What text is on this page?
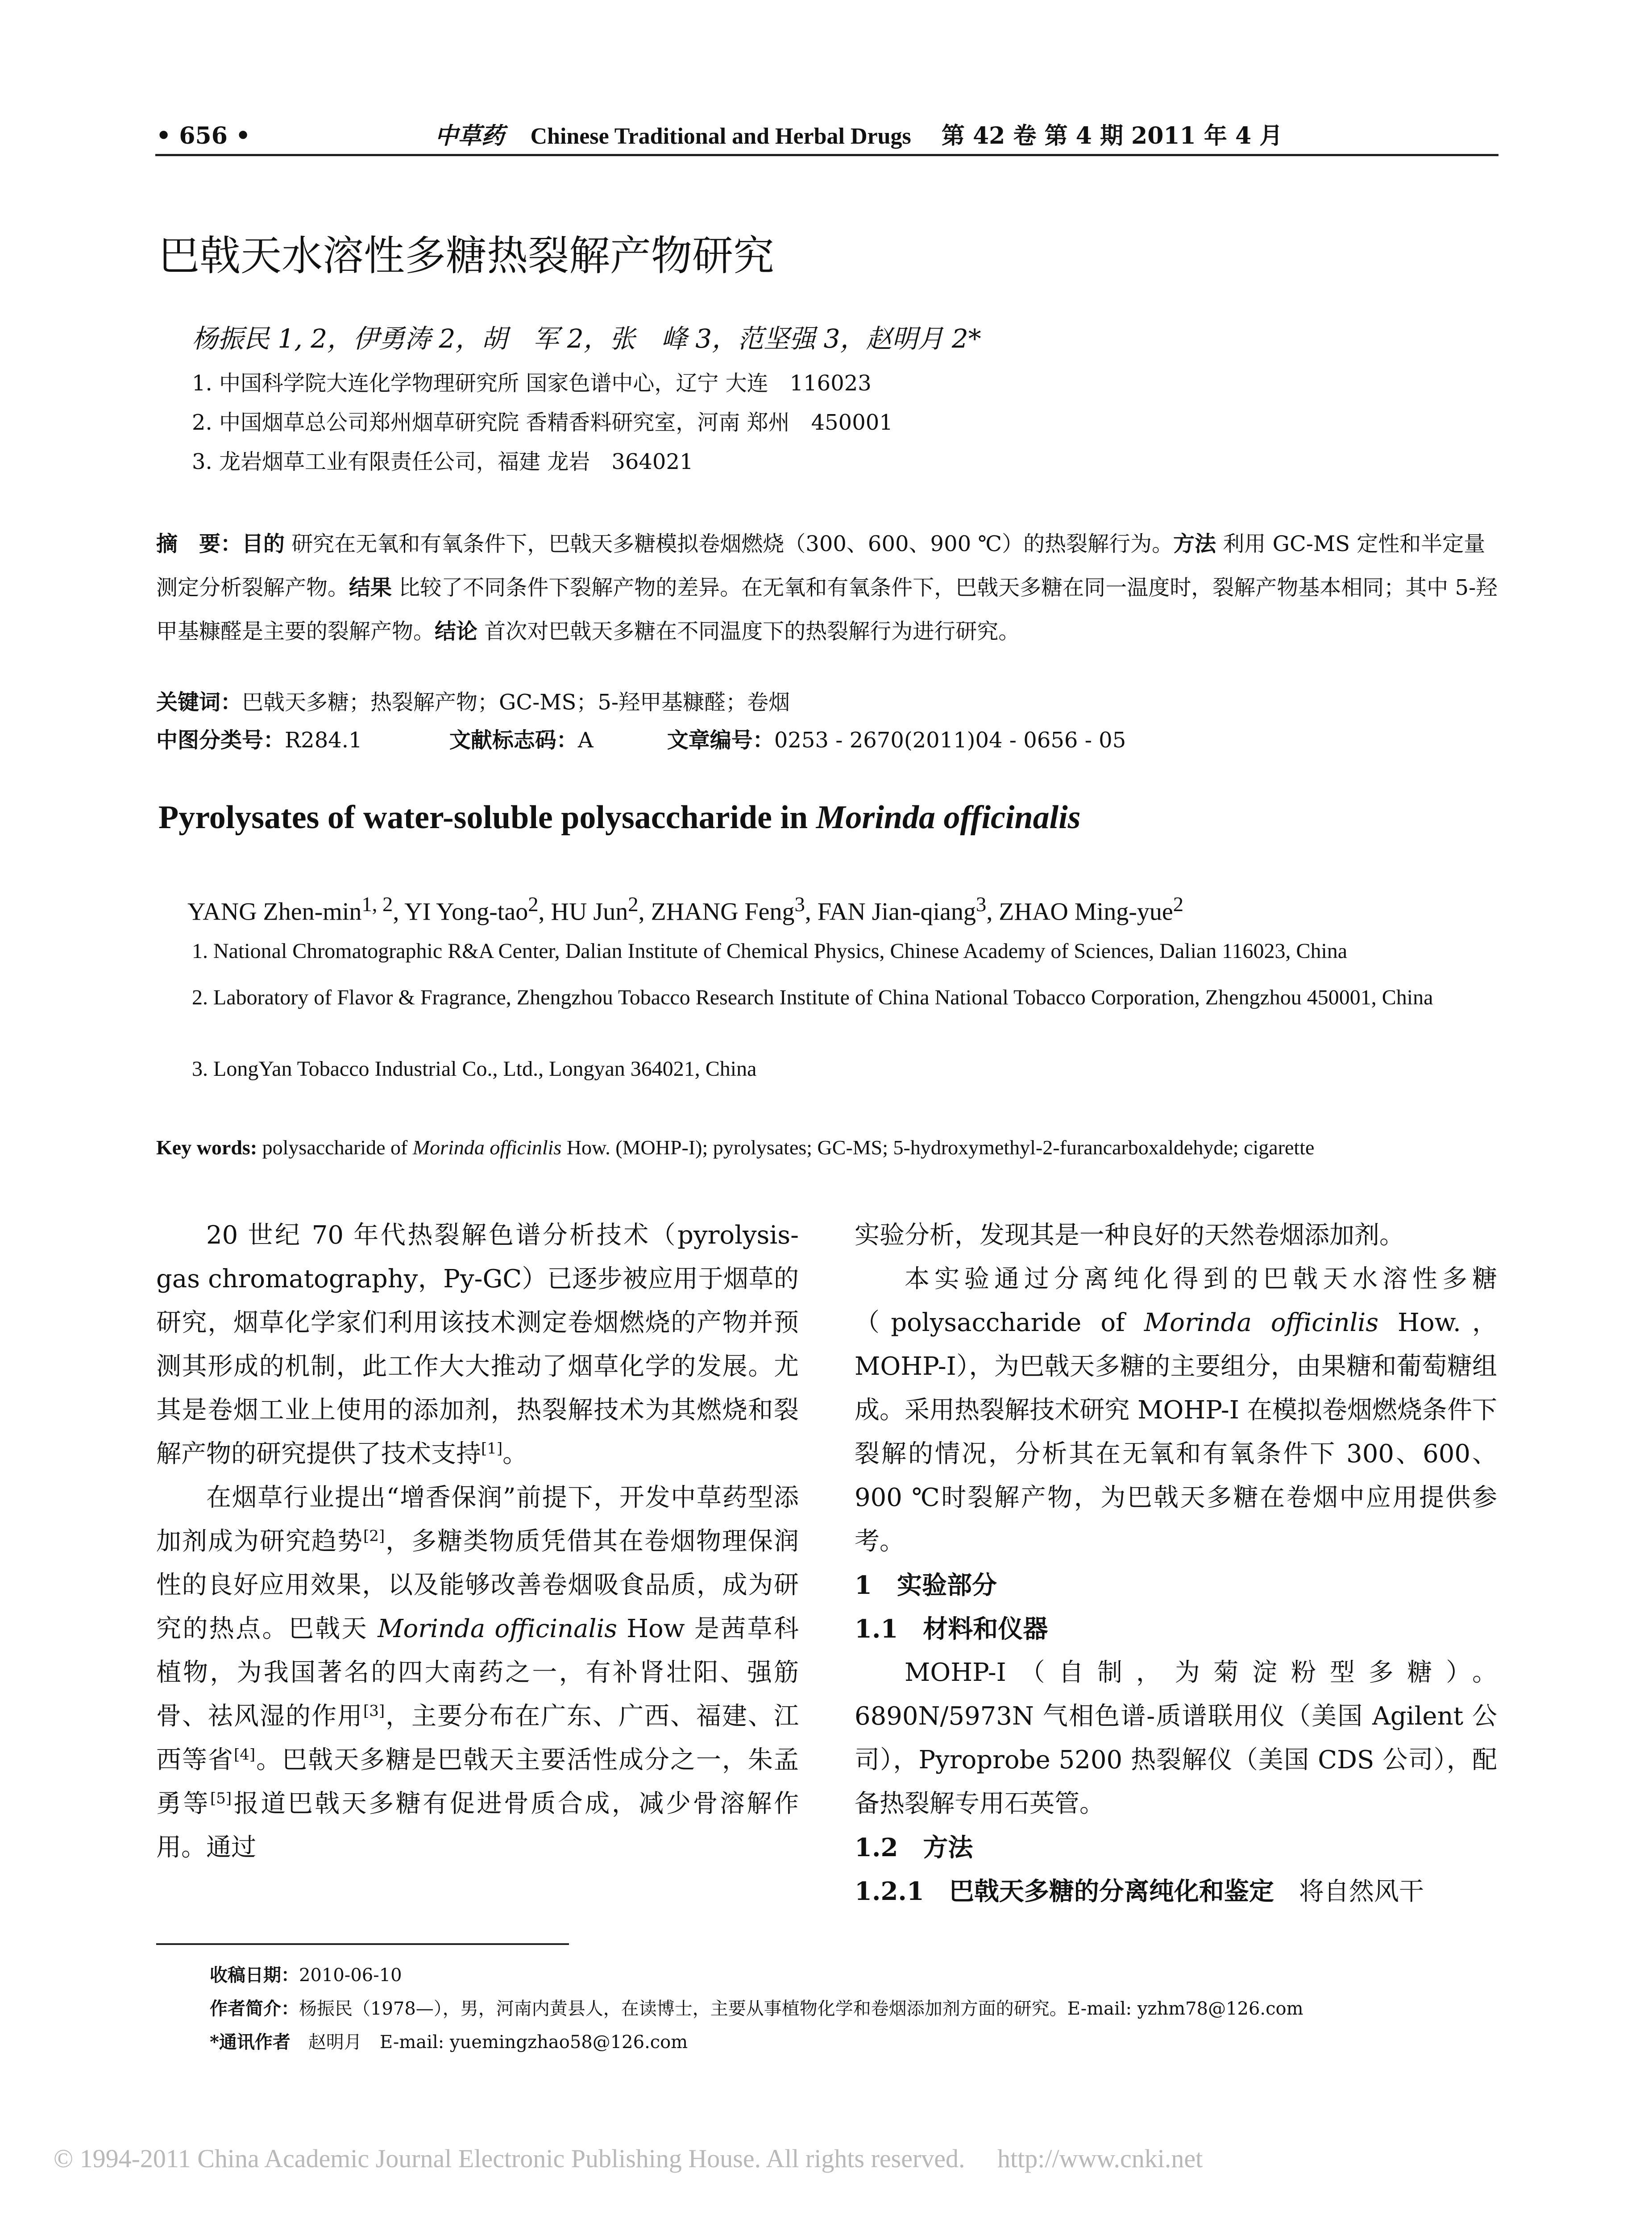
• 656 •	中草药 Chinese Traditional and Herbal Drugs 第 42 卷 第 4 期 2011 年 4 月
巴戟天水溶性多糖热裂解产物研究
杨振民 1, 2，伊勇涛 2，胡　军 2，张　峰 3，范坚强 3，赵明月 2*
1. 中国科学院大连化学物理研究所 国家色谱中心，辽宁 大连　116023
2. 中国烟草总公司郑州烟草研究院 香精香料研究室，河南 郑州　450001
3. 龙岩烟草工业有限责任公司，福建 龙岩　364021
摘　要：目的 研究在无氧和有氧条件下，巴戟天多糖模拟卷烟燃烧（300、600、900 ℃）的热裂解行为。方法 利用 GC-MS 定性和半定量测定分析裂解产物。结果 比较了不同条件下裂解产物的差异。在无氧和有氧条件下，巴戟天多糖在同一温度时，裂解产物基本相同；其中 5-羟甲基糠醛是主要的裂解产物。结论 首次对巴戟天多糖在不同温度下的热裂解行为进行研究。
关键词：巴戟天多糖；热裂解产物；GC-MS；5-羟甲基糠醛；卷烟
中图分类号：R284.1	文献标志码：A	文章编号：0253 - 2670(2011)04 - 0656 - 05
Pyrolysates of water-soluble polysaccharide in Morinda officinalis
YANG Zhen-$\min^{1, 2}$, YI Yong-tao$^2$, HU Jun$^2$, ZHANG Feng$^3$, FAN Jian-qiang$^3$, ZHAO Ming-yue$^2$
1. National Chromatographic R&A Center, Dalian Institute of Chemical Physics, Chinese Academy of Sciences, Dalian 116023, China
2. Laboratory of Flavor & Fragrance, Zhengzhou Tobacco Research Institute of China National Tobacco Corporation, Zhengzhou 450001, China
3. LongYan Tobacco Industrial Co., Ltd., Longyan 364021, China
Key words: polysaccharide of Morinda officinlis How. (MOHP-I); pyrolysates; GC-MS; 5-hydroxymethyl-2-furancarboxaldehyde; cigarette

20 世纪 70 年代热裂解色谱分析技术（pyrolysis-gas chromatography，Py-GC）已逐步被应用于烟草的研究，烟草化学家们利用该技术测定卷烟燃烧的产物并预测其形成的机制，此工作大大推动了烟草化学的发展。尤其是卷烟工业上使用的添加剂，热裂解技术为其燃烧和裂解产物的研究提供了技术支持[1]。

在烟草行业提出“增香保润”前提下，开发中草药型添加剂成为研究趋势[2]，多糖类物质凭借其在卷烟物理保润性的良好应用效果，以及能够改善卷烟吸食品质，成为研究的热点。巴戟天 Morinda officinalis How 是茜草科植物，为我国著名的四大南药之一，有补肾壮阳、强筋骨、祛风湿的作用[3]，主要分布在广东、广西、福建、江西等省[4]。巴戟天多糖是巴戟天主要活性成分之一，朱孟勇等[5]报道巴戟天多糖有促进骨质合成，减少骨溶解作用。通过

实验分析，发现其是一种良好的天然卷烟添加剂。

本实验通过分离纯化得到的巴戟天水溶性多糖（polysaccharide of Morinda officinlis How.，MOHP-I），为巴戟天多糖的主要组分，由果糖和葡萄糖组成。采用热裂解技术研究 MOHP-I 在模拟卷烟燃烧条件下裂解的情况，分析其在无氧和有氧条件下 300、600、900 ℃时裂解产物，为巴戟天多糖在卷烟中应用提供参考。

1　实验部分

1.1　材料和仪器

MOHP-I（自制，为菊淀粉型多糖）。6890N/5973N 气相色谱-质谱联用仪（美国 Agilent 公司），Pyroprobe 5200 热裂解仪（美国 CDS 公司），配备热裂解专用石英管。

1.2　方法

1.2.1　巴戟天多糖的分离纯化和鉴定　 将自然风干

收稿日期：2010-06-10
作者简介：杨振民（1978—），男，河南内黄县人，在读博士，主要从事植物化学和卷烟添加剂方面的研究。E-mail: yzhm78@126.com
*通讯作者　 赵明月　E-mail: yuemingzhao58@126.com
© 1994-2011 China Academic Journal Electronic Publishing House. All rights reserved.　 http://www.cnki.net
